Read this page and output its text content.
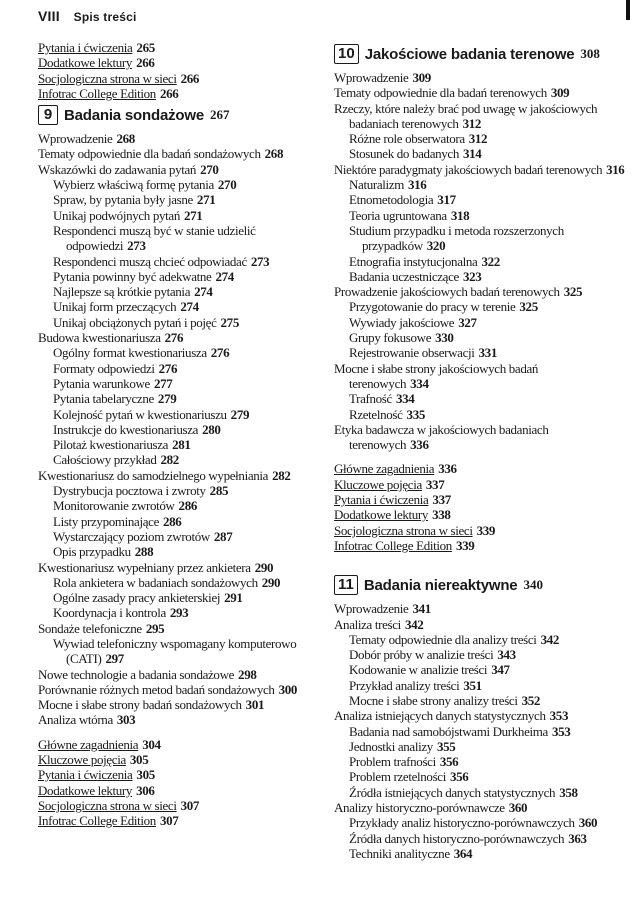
VIII Spis treści
Pytania i ćwiczenia 265
Dodatkowe lektury 266
Socjologiczna strona w sieci 266
Infotrac College Edition 266
9 Badania sondażowe 267
Wprowadzenie 268
Tematy odpowiednie dla badań sondażowych 268
Wskazówki do zadawania pytań 270
Wybierz właściwą formę pytania 270
Spraw, by pytania były jasne 271
Unikaj podwójnych pytań 271
Respondenci muszą być w stanie udzielić
odpowiedzi 273
Respondenci muszą chcieć odpowiadać 273
Pytania powinny być adekwatne 274
Najlepsze są krótkie pytania 274
Unikaj form przeczących 274
Unikaj obciążonych pytań i pojęć 275
Budowa kwestionariusza 276
Ogólny format kwestionariusza 276
Formaty odpowiedzi 276
Pytania warunkowe 277
Pytania tabelaryczne 279
Kolejność pytań w kwestionariuszu 279
Instrukcje do kwestionariusza 280
Pilotaż kwestionariusza 281
Całościowy przykład 282
Kwestionariusz do samodzielnego wypełniania 282
Dystrybucja pocztowa i zwroty 285
Monitorowanie zwrotów 286
Listy przypominające 286
Wystarczający poziom zwrotów 287
Opis przypadku 288
Kwestionariusz wypełniany przez ankietera 290
Rola ankietera w badaniach sondażowych 290
Ogólne zasady pracy ankieterskiej 291
Koordynacja i kontrola 293
Sondaże telefoniczne 295
Wywiad telefoniczny wspomagany komputerowo
(CATI) 297
Nowe technologie a badania sondażowe 298
Porównanie różnych metod badań sondażowych 300
Mocne i słabe strony badań sondażowych 301
Analiza wtórna 303
Główne zagadnienia 304
Kluczowe pojęcia 305
Pytania i ćwiczenia 305
Dodatkowe lektury 306
Socjologiczna strona w sieci 307
Infotrac College Edition 307
10 Jakościowe badania terenowe 308
Wprowadzenie 309
Tematy odpowiednie dla badań terenowych 309
Rzeczy, które należy brać pod uwagę w jakościowych
badaniach terenowych 312
Różne role obserwatora 312
Stosunek do badanych 314
Niektóre paradygmaty jakościowych badań terenowych 316
Naturalizm 316
Etnometodologia 317
Teoria ugruntowana 318
Studium przypadku i metoda rozszerzonych
przypadków 320
Etnografia instytucjonalna 322
Badania uczestniczące 323
Prowadzenie jakościowych badań terenowych 325
Przygotowanie do pracy w terenie 325
Wywiady jakościowe 327
Grupy fokusowe 330
Rejestrowanie obserwacji 331
Mocne i słabe strony jakościowych badań
terenowych 334
Trafność 334
Rzetelność 335
Etyka badawcza w jakościowych badaniach
terenowych 336
Główne zagadnienia 336
Kluczowe pojęcia 337
Pytania i ćwiczenia 337
Dodatkowe lektury 338
Socjologiczna strona w sieci 339
Infotrac College Edition 339
11 Badania niereaktywne 340
Wprowadzenie 341
Analiza treści 342
Tematy odpowiednie dla analizy treści 342
Dobór próby w analizie treści 343
Kodowanie w analizie treści 347
Przykład analizy treści 351
Mocne i słabe strony analizy treści 352
Analiza istniejących danych statystycznych 353
Badania nad samobójstwami Durkheima 353
Jednostki analizy 355
Problem trafności 356
Problem rzetelności 356
Źródła istniejących danych statystycznych 358
Analizy historyczno-porównawcze 360
Przykłady analiz historyczno-porównawczych 360
Źródła danych historyczno-porównawczych 363
Techniki analityczne 364
